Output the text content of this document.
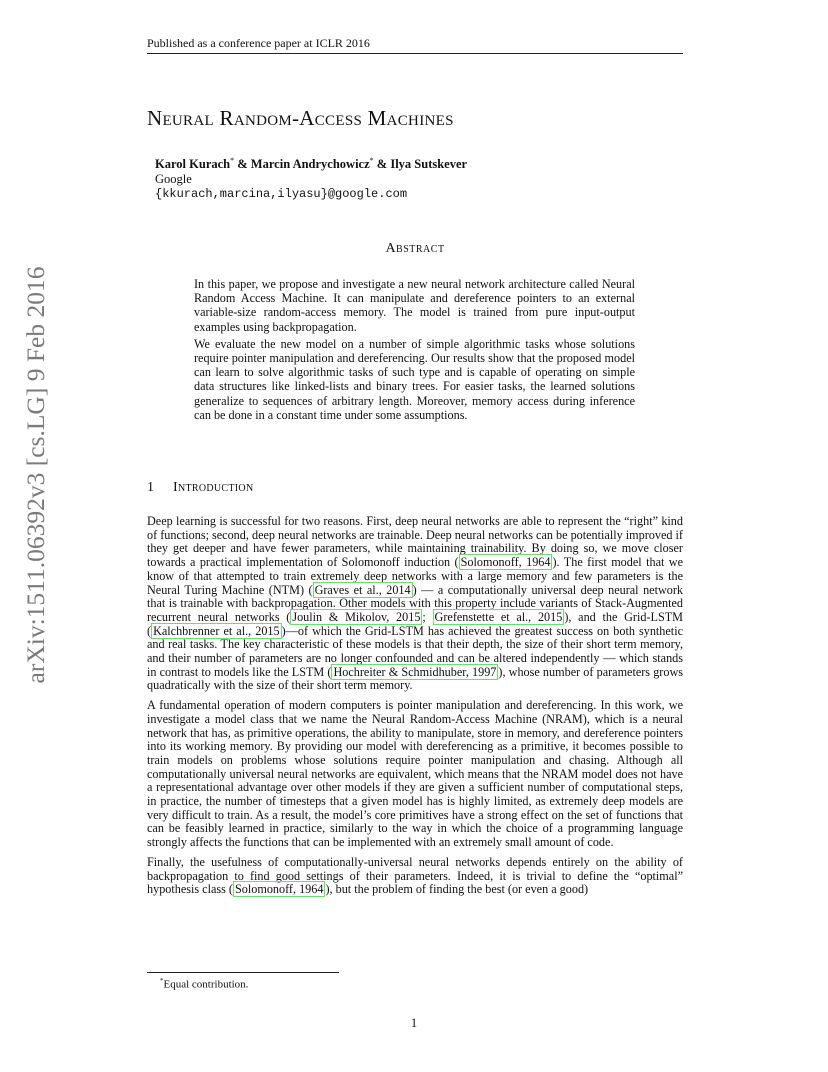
Published as a conference paper at ICLR 2016
arXiv:1511.06392v3 [cs.LG] 9 Feb 2016
Neural Random-Access Machines
Karol Kurach* & Marcin Andrychowicz* & Ilya Sutskever
Google
{kkurach,marcina,ilyasu}@google.com
Abstract

In this paper, we propose and investigate a new neural network architecture called Neural Random Access Machine. It can manipulate and dereference pointers to an external variable-size random-access memory. The model is trained from pure input-output examples using backpropagation.

We evaluate the new model on a number of simple algorithmic tasks whose solutions require pointer manipulation and dereferencing. Our results show that the proposed model can learn to solve algorithmic tasks of such type and is capable of operating on simple data structures like linked-lists and binary trees. For easier tasks, the learned solutions generalize to sequences of arbitrary length. Moreover, memory access during inference can be done in a constant time under some assumptions.

1 Introduction

Deep learning is successful for two reasons. First, deep neural networks are able to represent the “right” kind of functions; second, deep neural networks are trainable. Deep neural networks can be potentially improved if they get deeper and have fewer parameters, while maintaining trainability. By doing so, we move closer towards a practical implementation of Solomonoff induction ( Solomonoff, 1964 ). The first model that we know of that attempted to train extremely deep networks with a large memory and few parameters is the Neural Turing Machine (NTM) ( Graves et al., 2014 ) — a computationally universal deep neural network that is trainable with backpropagation. Other models with this property include variants of Stack-Augmented recurrent neural networks ( Joulin & Mikolov, 2015 ; Grefenstette et al., 2015 ), and the Grid-LSTM ( Kalchbrenner et al., 2015 )—of which the Grid-LSTM has achieved the greatest success on both synthetic and real tasks. The key characteristic of these models is that their depth, the size of their short term memory, and their number of parameters are no longer confounded and can be altered independently — which stands in contrast to models like the LSTM ( Hochreiter & Schmidhuber, 1997 ), whose number of parameters grows quadratically with the size of their short term memory.

A fundamental operation of modern computers is pointer manipulation and dereferencing. In this work, we investigate a model class that we name the Neural Random-Access Machine (NRAM), which is a neural network that has, as primitive operations, the ability to manipulate, store in memory, and dereference pointers into its working memory. By providing our model with dereferencing as a primitive, it becomes possible to train models on problems whose solutions require pointer manipulation and chasing. Although all computationally universal neural networks are equivalent, which means that the NRAM model does not have a representational advantage over other models if they are given a sufficient number of computational steps, in practice, the number of timesteps that a given model has is highly limited, as extremely deep models are very difficult to train. As a result, the model’s core primitives have a strong effect on the set of functions that can be feasibly learned in practice, similarly to the way in which the choice of a programming language strongly affects the functions that can be implemented with an extremely small amount of code.

Finally, the usefulness of computationally-universal neural networks depends entirely on the ability of backpropagation to find good settings of their parameters. Indeed, it is trivial to define the “optimal” hypothesis class ( Solomonoff, 1964 ), but the problem of finding the best (or even a good)

*Equal contribution.
1
